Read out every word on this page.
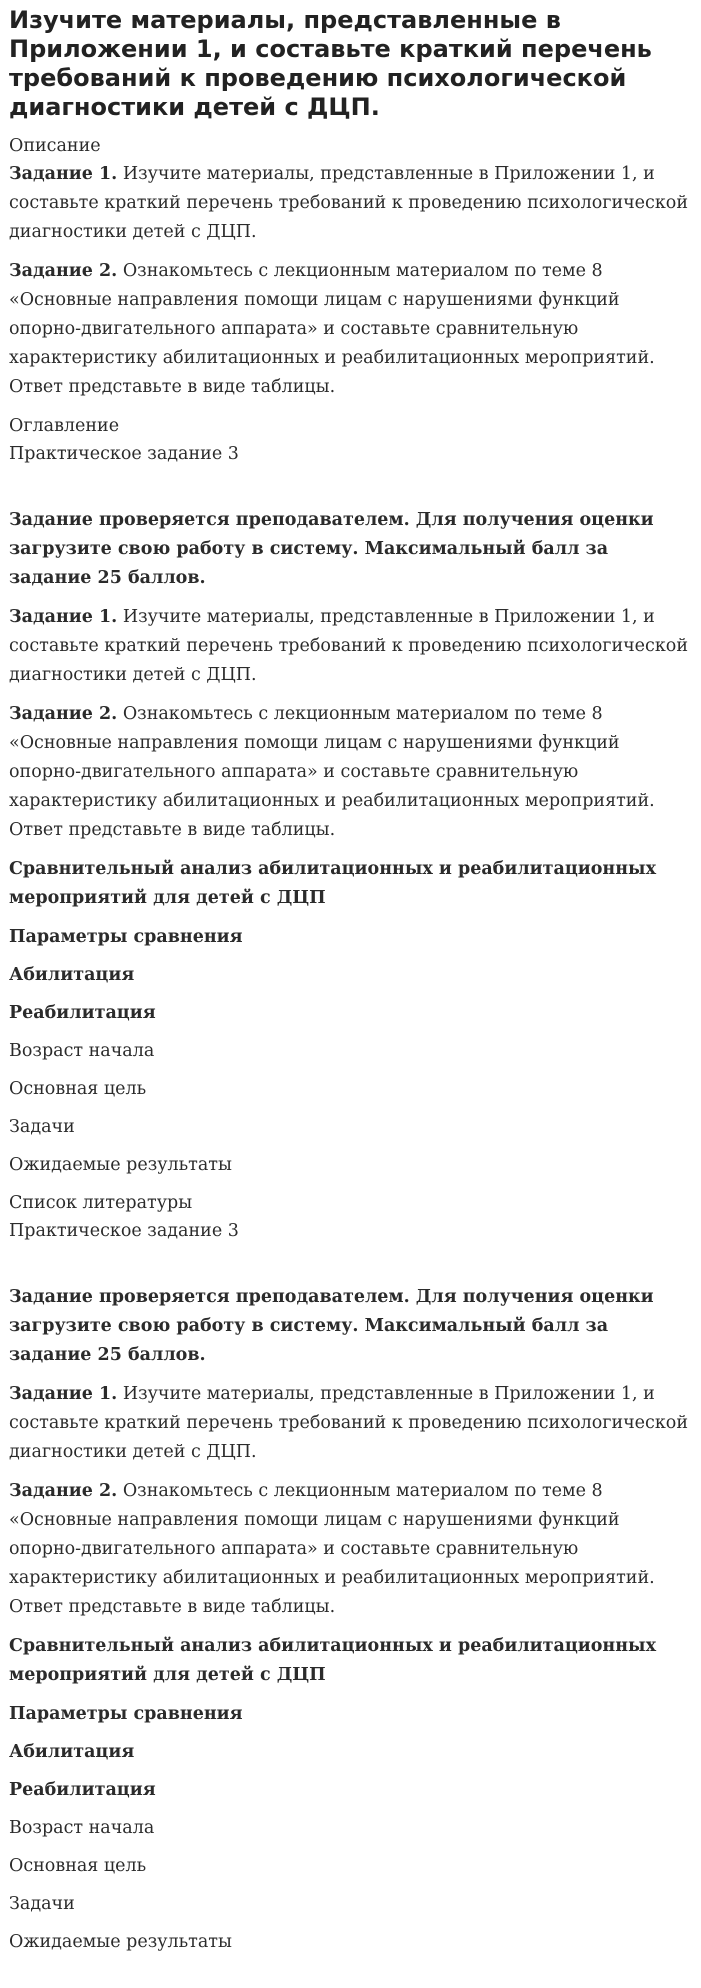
Изучите материалы, представленные в Приложении 1, и составьте краткий перечень требований к проведению психологической диагностики детей с ДЦП.
Описание

Задание 1. Изучите материалы, представленные в Приложении 1, и составьте краткий перечень требований к проведению психологической диагностики детей с ДЦП.

Задание 2. Ознакомьтесь с лекционным материалом по теме 8 «Основные направления помощи лицам с нарушениями функций опорно-двигательного аппарата» и составьте сравнительную характеристику абилитационных и реабилитационных мероприятий. Ответ представьте в виде таблицы.

Оглавление
Практическое задание 3

Задание проверяется преподавателем. Для получения оценки загрузите свою работу в систему. Максимальный балл за задание 25 баллов.

Задание 1. Изучите материалы, представленные в Приложении 1, и составьте краткий перечень требований к проведению психологической диагностики детей с ДЦП.

Задание 2. Ознакомьтесь с лекционным материалом по теме 8 «Основные направления помощи лицам с нарушениями функций опорно-двигательного аппарата» и составьте сравнительную характеристику абилитационных и реабилитационных мероприятий. Ответ представьте в виде таблицы.

Сравнительный анализ абилитационных и реабилитационных мероприятий для детей с ДЦП

Параметры сравнения
Абилитация
Реабилитация
Возраст начала
Основная цель
Задачи
Ожидаемые результаты
Список литературы
Практическое задание 3

Задание проверяется преподавателем. Для получения оценки загрузите свою работу в систему. Максимальный балл за задание 25 баллов.

Задание 1. Изучите материалы, представленные в Приложении 1, и составьте краткий перечень требований к проведению психологической диагностики детей с ДЦП.

Задание 2. Ознакомьтесь с лекционным материалом по теме 8 «Основные направления помощи лицам с нарушениями функций опорно-двигательного аппарата» и составьте сравнительную характеристику абилитационных и реабилитационных мероприятий. Ответ представьте в виде таблицы.

Сравнительный анализ абилитационных и реабилитационных мероприятий для детей с ДЦП

Параметры сравнения
Абилитация
Реабилитация
Возраст начала
Основная цель
Задачи
Ожидаемые результаты
